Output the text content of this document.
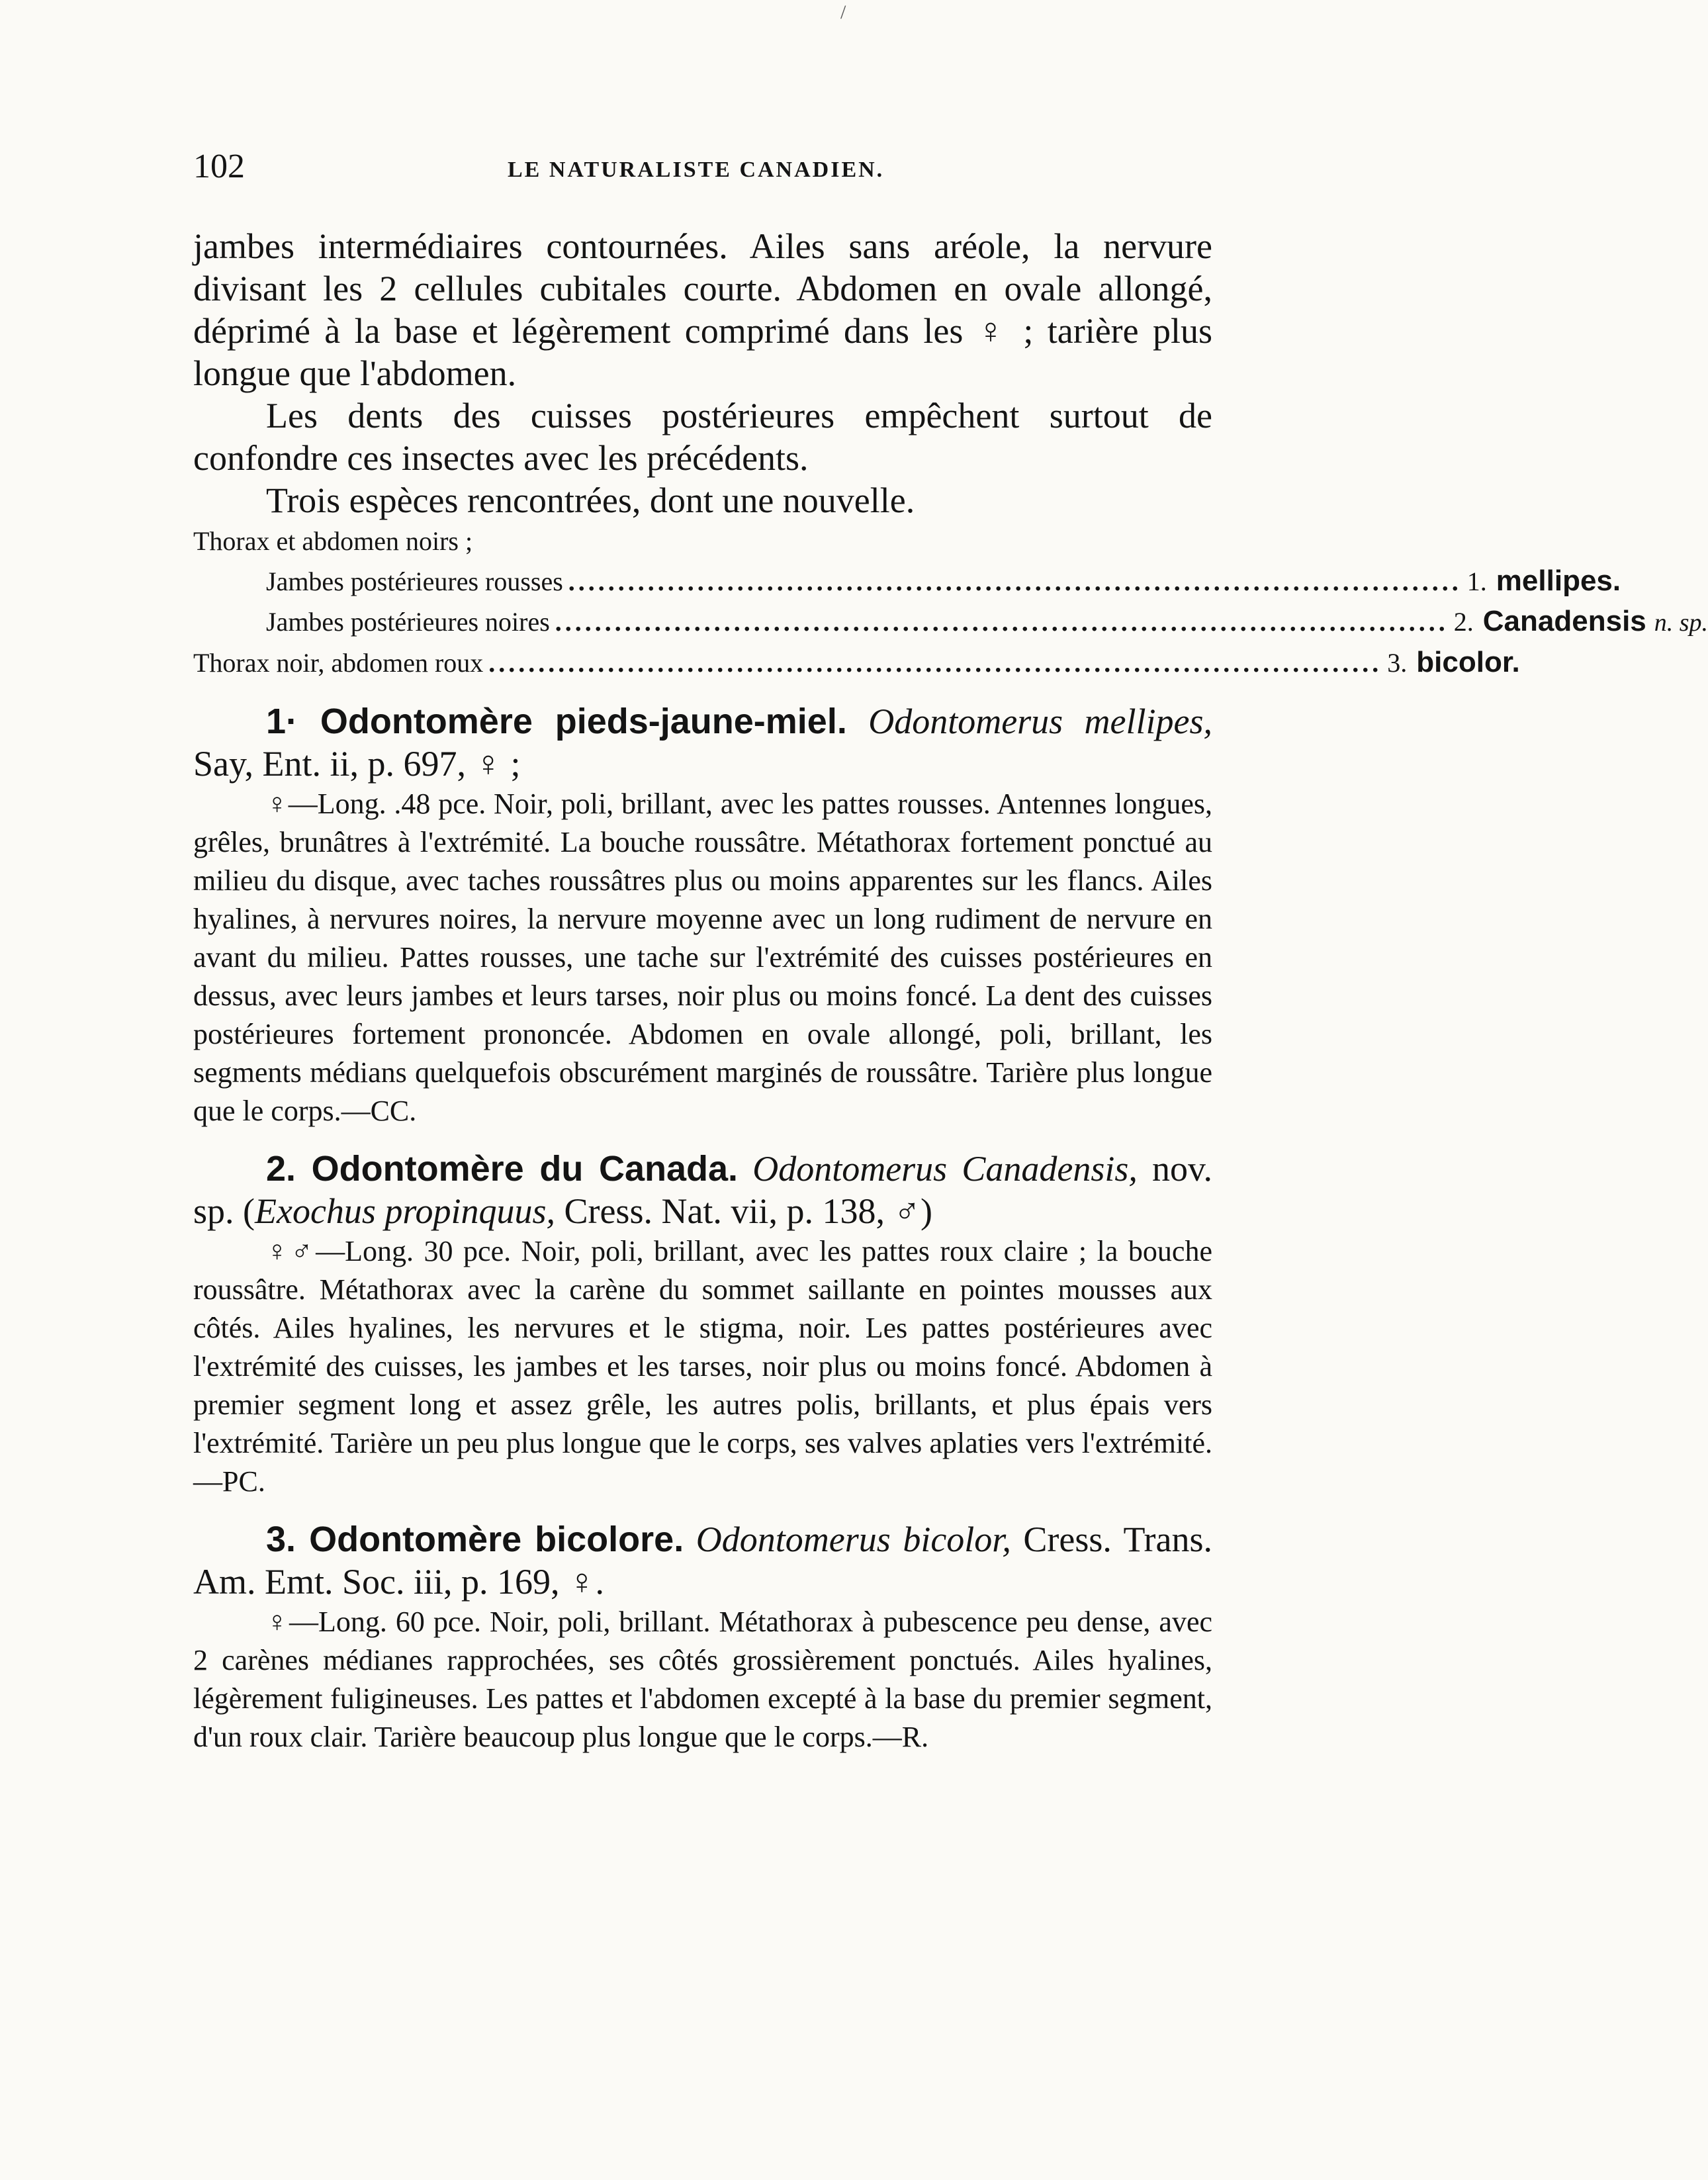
/
102	LE NATURALISTE CANADIEN.

jambes intermédiaires contournées. Ailes sans aréole, la nervure divisant les 2 cellules cubitales courte. Abdomen en ovale allongé, déprimé à la base et légèrement comprimé dans les ♀ ; tarière plus longue que l'abdomen.

Les dents des cuisses postérieures empêchent surtout de confondre ces insectes avec les précédents.

Trois espèces rencontrées, dont une nouvelle.

Thorax et abdomen noirs ;
Jambes postérieures rousses .......................................................................................... 1. mellipes.
Jambes postérieures noires .......................................................................................... 2. Canadensis n. sp.
Thorax noir, abdomen roux .......................................................................................... 3. bicolor.

1· Odontomère pieds-jaune-miel. Odontomerus mellipes, Say, Ent. ii, p. 697, ♀ ;

♀—Long. .48 pce. Noir, poli, brillant, avec les pattes rousses. Antennes longues, grêles, brunâtres à l'extrémité. La bouche roussâtre. Métathorax fortement ponctué au milieu du disque, avec taches roussâtres plus ou moins apparentes sur les flancs. Ailes hyalines, à nervures noires, la nervure moyenne avec un long rudiment de nervure en avant du milieu. Pattes rousses, une tache sur l'extrémité des cuisses postérieures en dessus, avec leurs jambes et leurs tarses, noir plus ou moins foncé. La dent des cuisses postérieures fortement prononcée. Abdomen en ovale allongé, poli, brillant, les segments médians quelquefois obscurément marginés de roussâtre. Tarière plus longue que le corps.—CC.

2. Odontomère du Canada. Odontomerus Canadensis, nov. sp. (Exochus propinquus, Cress. Nat. vii, p. 138, ♂)

♀♂—Long. 30 pce. Noir, poli, brillant, avec les pattes roux claire ; la bouche roussâtre. Métathorax avec la carène du sommet saillante en pointes mousses aux côtés. Ailes hyalines, les nervures et le stigma, noir. Les pattes postérieures avec l'extrémité des cuisses, les jambes et les tarses, noir plus ou moins foncé. Abdomen à premier segment long et assez grêle, les autres polis, brillants, et plus épais vers l'extrémité. Tarière un peu plus longue que le corps, ses valves aplaties vers l'extrémité.—PC.

3. Odontomère bicolore. Odontomerus bicolor, Cress. Trans. Am. Emt. Soc. iii, p. 169, ♀.

♀—Long. 60 pce. Noir, poli, brillant. Métathorax à pubescence peu dense, avec 2 carènes médianes rapprochées, ses côtés grossièrement ponctués. Ailes hyalines, légèrement fuligineuses. Les pattes et l'abdomen excepté à la base du premier segment, d'un roux clair. Tarière beaucoup plus longue que le corps.—R.
